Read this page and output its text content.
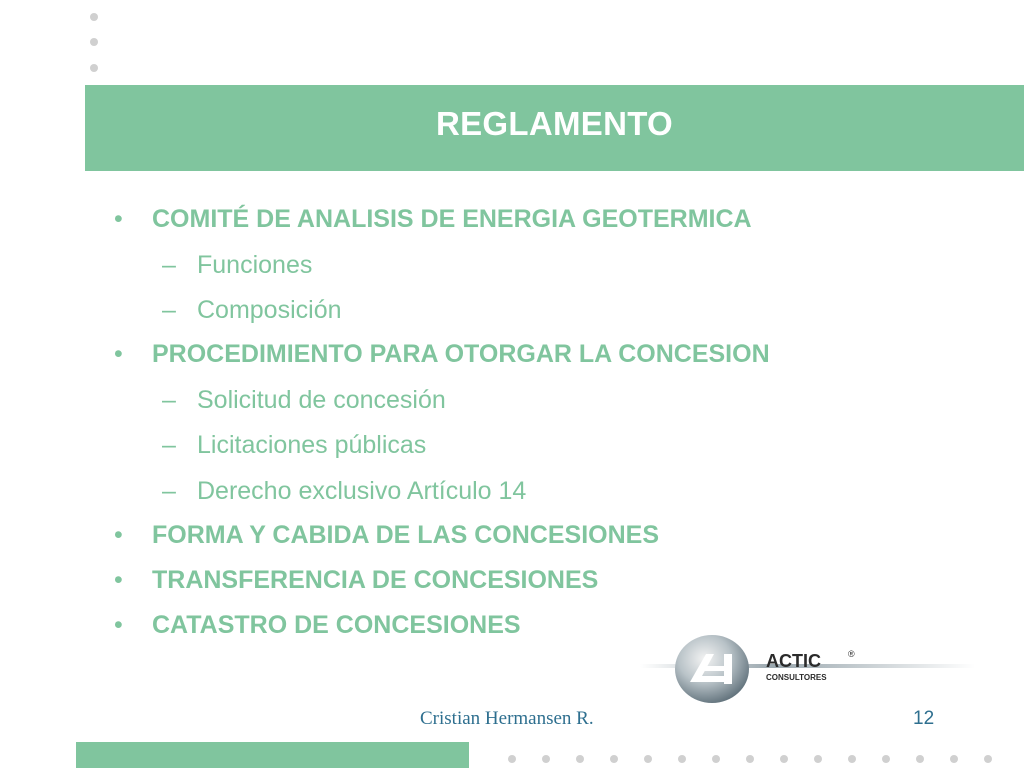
REGLAMENTO
• COMITÉ DE ANALISIS DE ENERGIA GEOTERMICA
– Funciones
– Composición
• PROCEDIMIENTO PARA OTORGAR LA CONCESION
– Solicitud de concesión
– Licitaciones públicas
– Derecho exclusivo Artículo 14
• FORMA Y CABIDA DE LAS CONCESIONES
• TRANSFERENCIA DE CONCESIONES
• CATASTRO DE CONCESIONES
ACTIC	®
CONSULTORES
Cristian Hermansen R.	12
